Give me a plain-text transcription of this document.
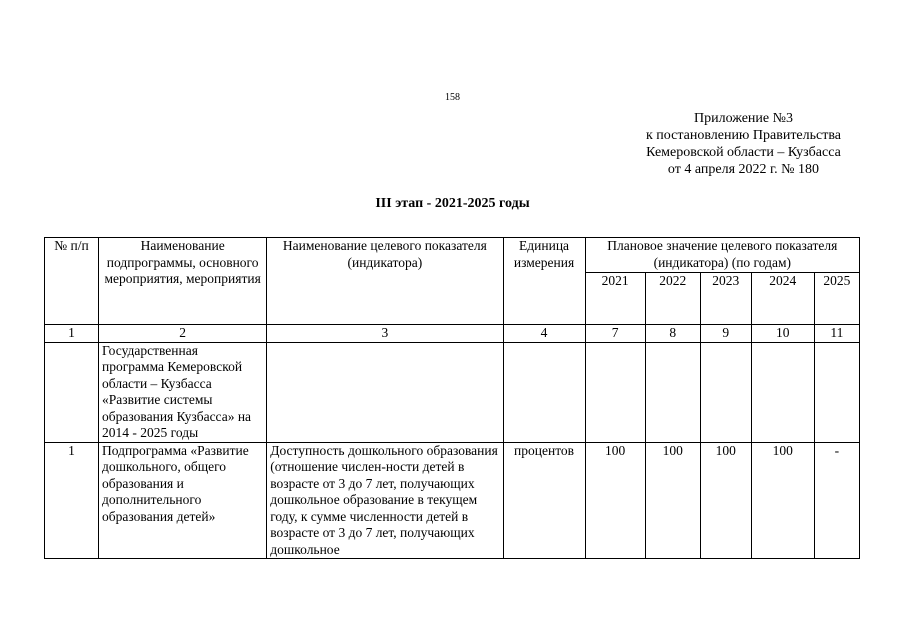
158
Приложение №3
к постановлению Правительства
Кемеровской области – Кузбасса
от 4 апреля 2022 г. № 180
III этап - 2021-2025 годы
№ п/п	Наименование подпрограммы, основного мероприятия, мероприятия	Наименование целевого показателя (индикатора)	Единица измерения	Плановое значение целевого показателя (индикатора) (по годам)				
				2021	2022	2023	2024	2025
1	2	3	4	7	8	9	10	11
	Государственная программа Кемеровской области – Кузбасса «Развитие системы образования Кузбасса» на 2014 - 2025 годы							
1	Подпрограмма «Развитие дошкольного, общего образования и дополнительного образования детей»	Доступность дошкольного образования (отношение числен-ности детей в возрасте от 3 до 7 лет, получающих дошкольное образование в текущем году, к сумме численности детей в возрасте от 3 до 7 лет, получающих дошкольное	процентов	100	100	100	100	-
